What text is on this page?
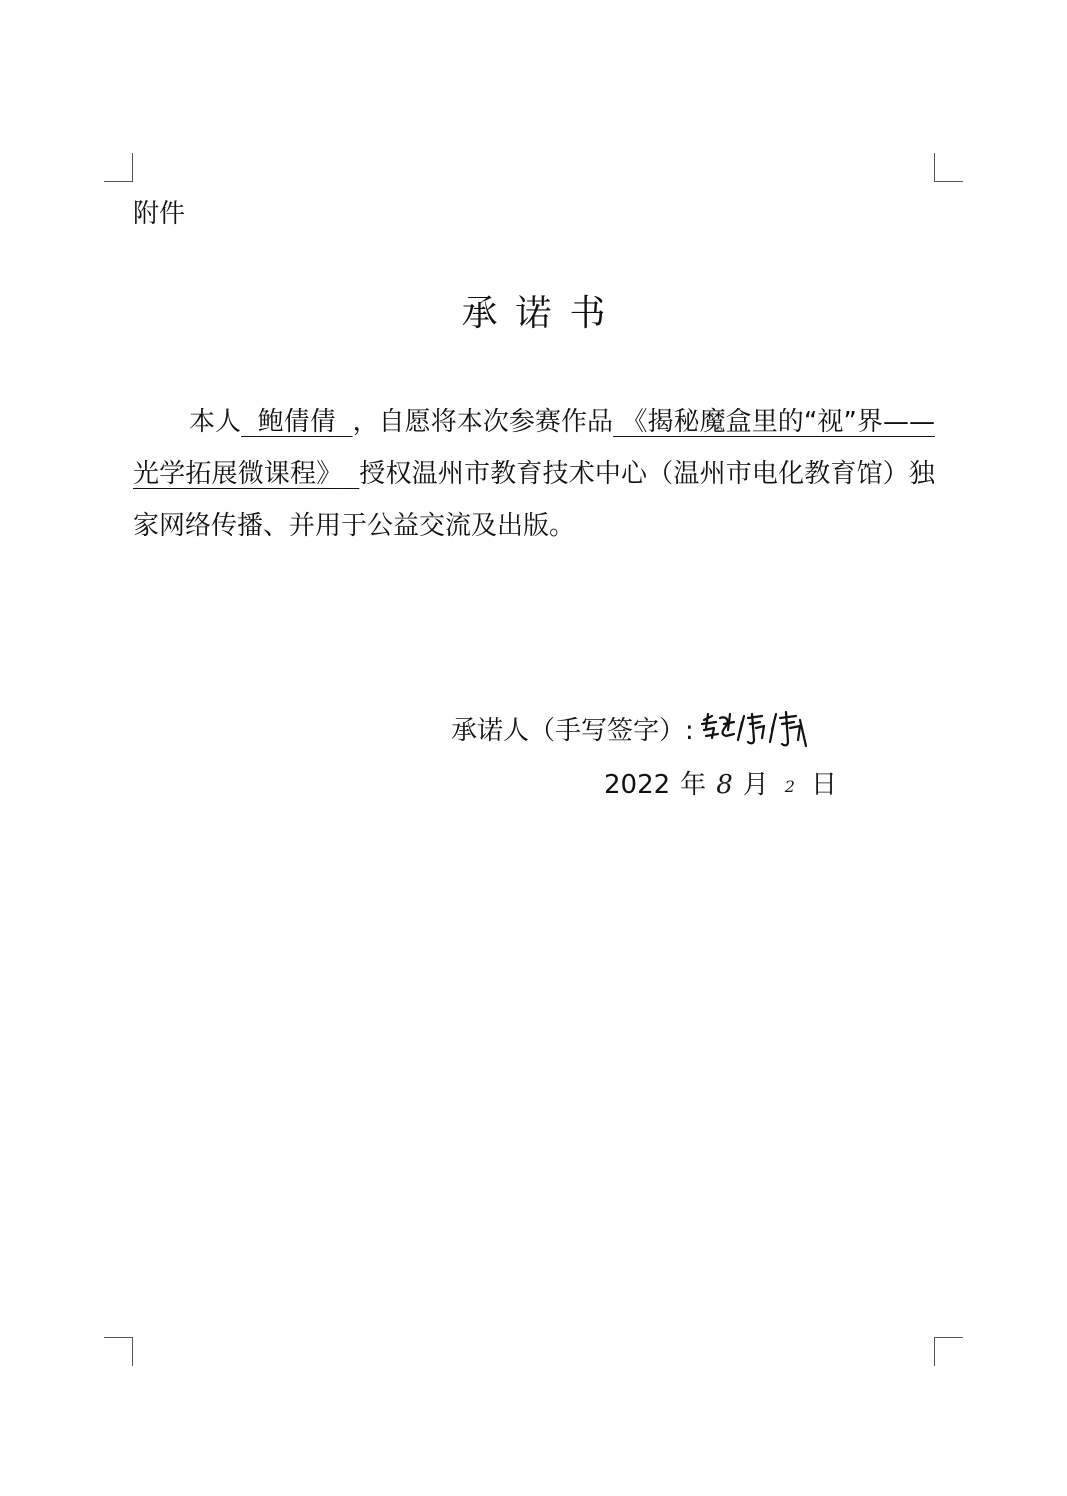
附件
承诺书
本人 鲍倩倩 ，自愿将本次参赛作品 《揭秘魔盒里的“视”界——光学拓展微课程》 授权温州市教育技术中心（温州市电化教育馆）独家网络传播、并用于公益交流及出版。
承诺人（手写签字）:
2022 年 8 月 2 日
